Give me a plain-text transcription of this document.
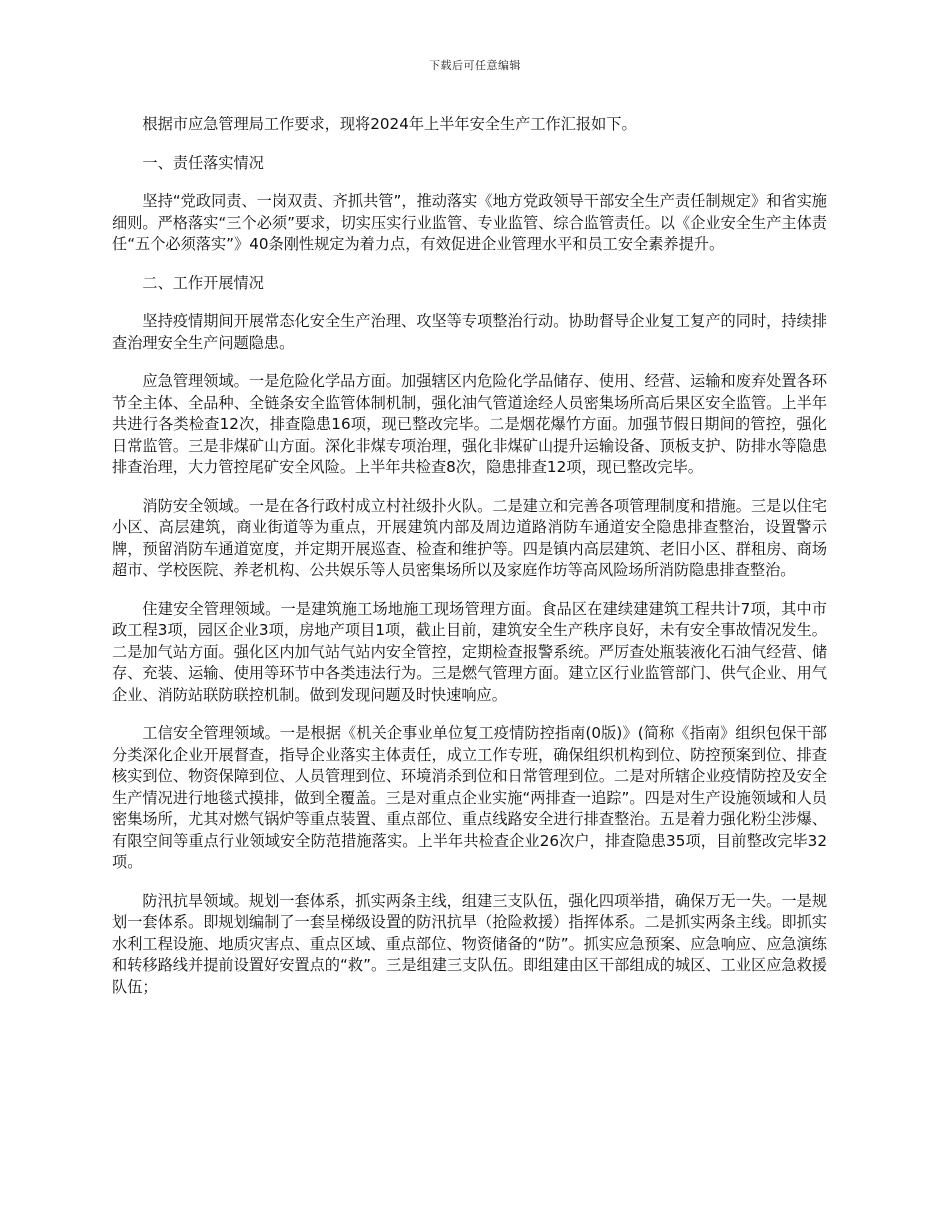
下载后可任意编辑

根据市应急管理局工作要求，现将2024年上半年安全生产工作汇报如下。

一、责任落实情况

坚持“党政同责、一岗双责、齐抓共管”，推动落实《地方党政领导干部安全生产责任制规定》和省实施细则。严格落实“三个必须”要求，切实压实行业监管、专业监管、综合监管责任。以《企业安全生产主体责任“五个必须落实”》40条刚性规定为着力点，有效促进企业管理水平和员工安全素养提升。

二、工作开展情况

坚持疫情期间开展常态化安全生产治理、攻坚等专项整治行动。协助督导企业复工复产的同时，持续排查治理安全生产问题隐患。

应急管理领域。一是危险化学品方面。加强辖区内危险化学品储存、使用、经营、运输和废弃处置各环节全主体、全品种、全链条安全监管体制机制，强化油气管道途经人员密集场所高后果区安全监管。上半年共进行各类检查12次，排查隐患16项，现已整改完毕。二是烟花爆竹方面。加强节假日期间的管控，强化日常监管。三是非煤矿山方面。深化非煤专项治理，强化非煤矿山提升运输设备、顶板支护、防排水等隐患排查治理，大力管控尾矿安全风险。上半年共检查8次，隐患排查12项，现已整改完毕。

消防安全领域。一是在各行政村成立村社级扑火队。二是建立和完善各项管理制度和措施。三是以住宅小区、高层建筑，商业街道等为重点，开展建筑内部及周边道路消防车通道安全隐患排查整治，设置警示牌，预留消防车通道宽度，并定期开展巡查、检查和维护等。四是镇内高层建筑、老旧小区、群租房、商场超市、学校医院、养老机构、公共娱乐等人员密集场所以及家庭作坊等高风险场所消防隐患排查整治。

住建安全管理领域。一是建筑施工场地施工现场管理方面。食品区在建续建建筑工程共计7项，其中市政工程3项，园区企业3项，房地产项目1项，截止目前，建筑安全生产秩序良好，未有安全事故情况发生。二是加气站方面。强化区内加气站气站内安全管控，定期检查报警系统。严厉查处瓶装液化石油气经营、储存、充装、运输、使用等环节中各类违法行为。三是燃气管理方面。建立区行业监管部门、供气企业、用气企业、消防站联防联控机制。做到发现问题及时快速响应。

工信安全管理领域。一是根据《机关企事业单位复工疫情防控指南(0版)》(简称《指南》组织包保干部分类深化企业开展督查，指导企业落实主体责任，成立工作专班，确保组织机构到位、防控预案到位、排查核实到位、物资保障到位、人员管理到位、环境消杀到位和日常管理到位。二是对所辖企业疫情防控及安全生产情况进行地毯式摸排，做到全覆盖。三是对重点企业实施“两排查一追踪”。四是对生产设施领域和人员密集场所，尤其对燃气锅炉等重点装置、重点部位、重点线路安全进行排查整治。五是着力强化粉尘涉爆、有限空间等重点行业领域安全防范措施落实。上半年共检查企业26次户，排查隐患35项，目前整改完毕32项。

防汛抗旱领域。规划一套体系，抓实两条主线，组建三支队伍，强化四项举措，确保万无一失。一是规划一套体系。即规划编制了一套呈梯级设置的防汛抗旱（抢险救援）指挥体系。二是抓实两条主线。即抓实水利工程设施、地质灾害点、重点区域、重点部位、物资储备的“防”。抓实应急预案、应急响应、应急演练和转移路线并提前设置好安置点的“救”。三是组建三支队伍。即组建由区干部组成的城区、工业区应急救援队伍；
